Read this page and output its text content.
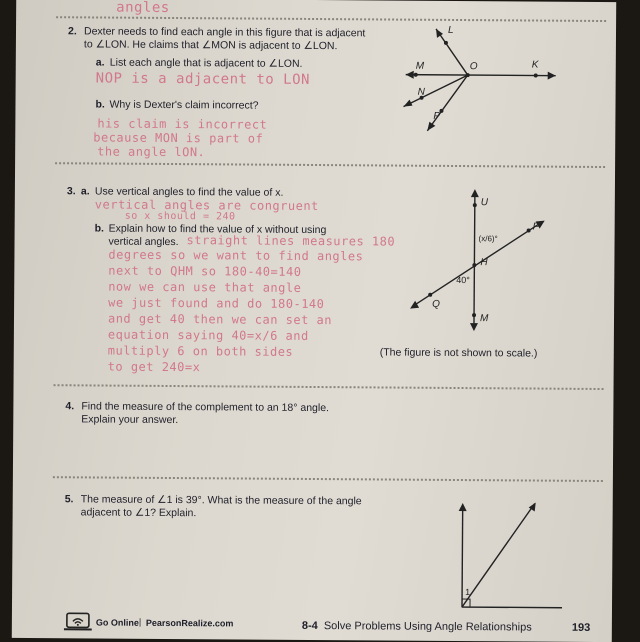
angles
2. Dexter needs to find each angle in this figure that is adjacent
to ∠LON. He claims that ∠MON is adjacent to ∠LON.
a. List each angle that is adjacent to ∠LON.
NOP is a adjacent to LON
b. Why is Dexter's claim incorrect?
his claim is incorrect
because MON is part of
the angle lON.
L
M	O	K
N
P
3. a. Use vertical angles to find the value of x.
vertical angles are congruent
so x should = 240
b. Explain how to find the value of x without using
vertical angles. straight lines measures 180
degrees so we want to find angles
next to QHM so 180-40=140
now we can use that angle
we just found and do 180-140
and get 40 then we can set an
equation saying 40=x/6 and
multiply 6 on both sides
to get 240=x
(The figure is not shown to scale.)
U
F
H
Q
M
40°
(x/6)°
4. Find the measure of the complement to an 18° angle.
Explain your answer.
5. The measure of ∠1 is 39°. What is the measure of the angle
adjacent to ∠1? Explain.
1
Go Online | PearsonRealize.com	8-4 Solve Problems Using Angle Relationships	193
